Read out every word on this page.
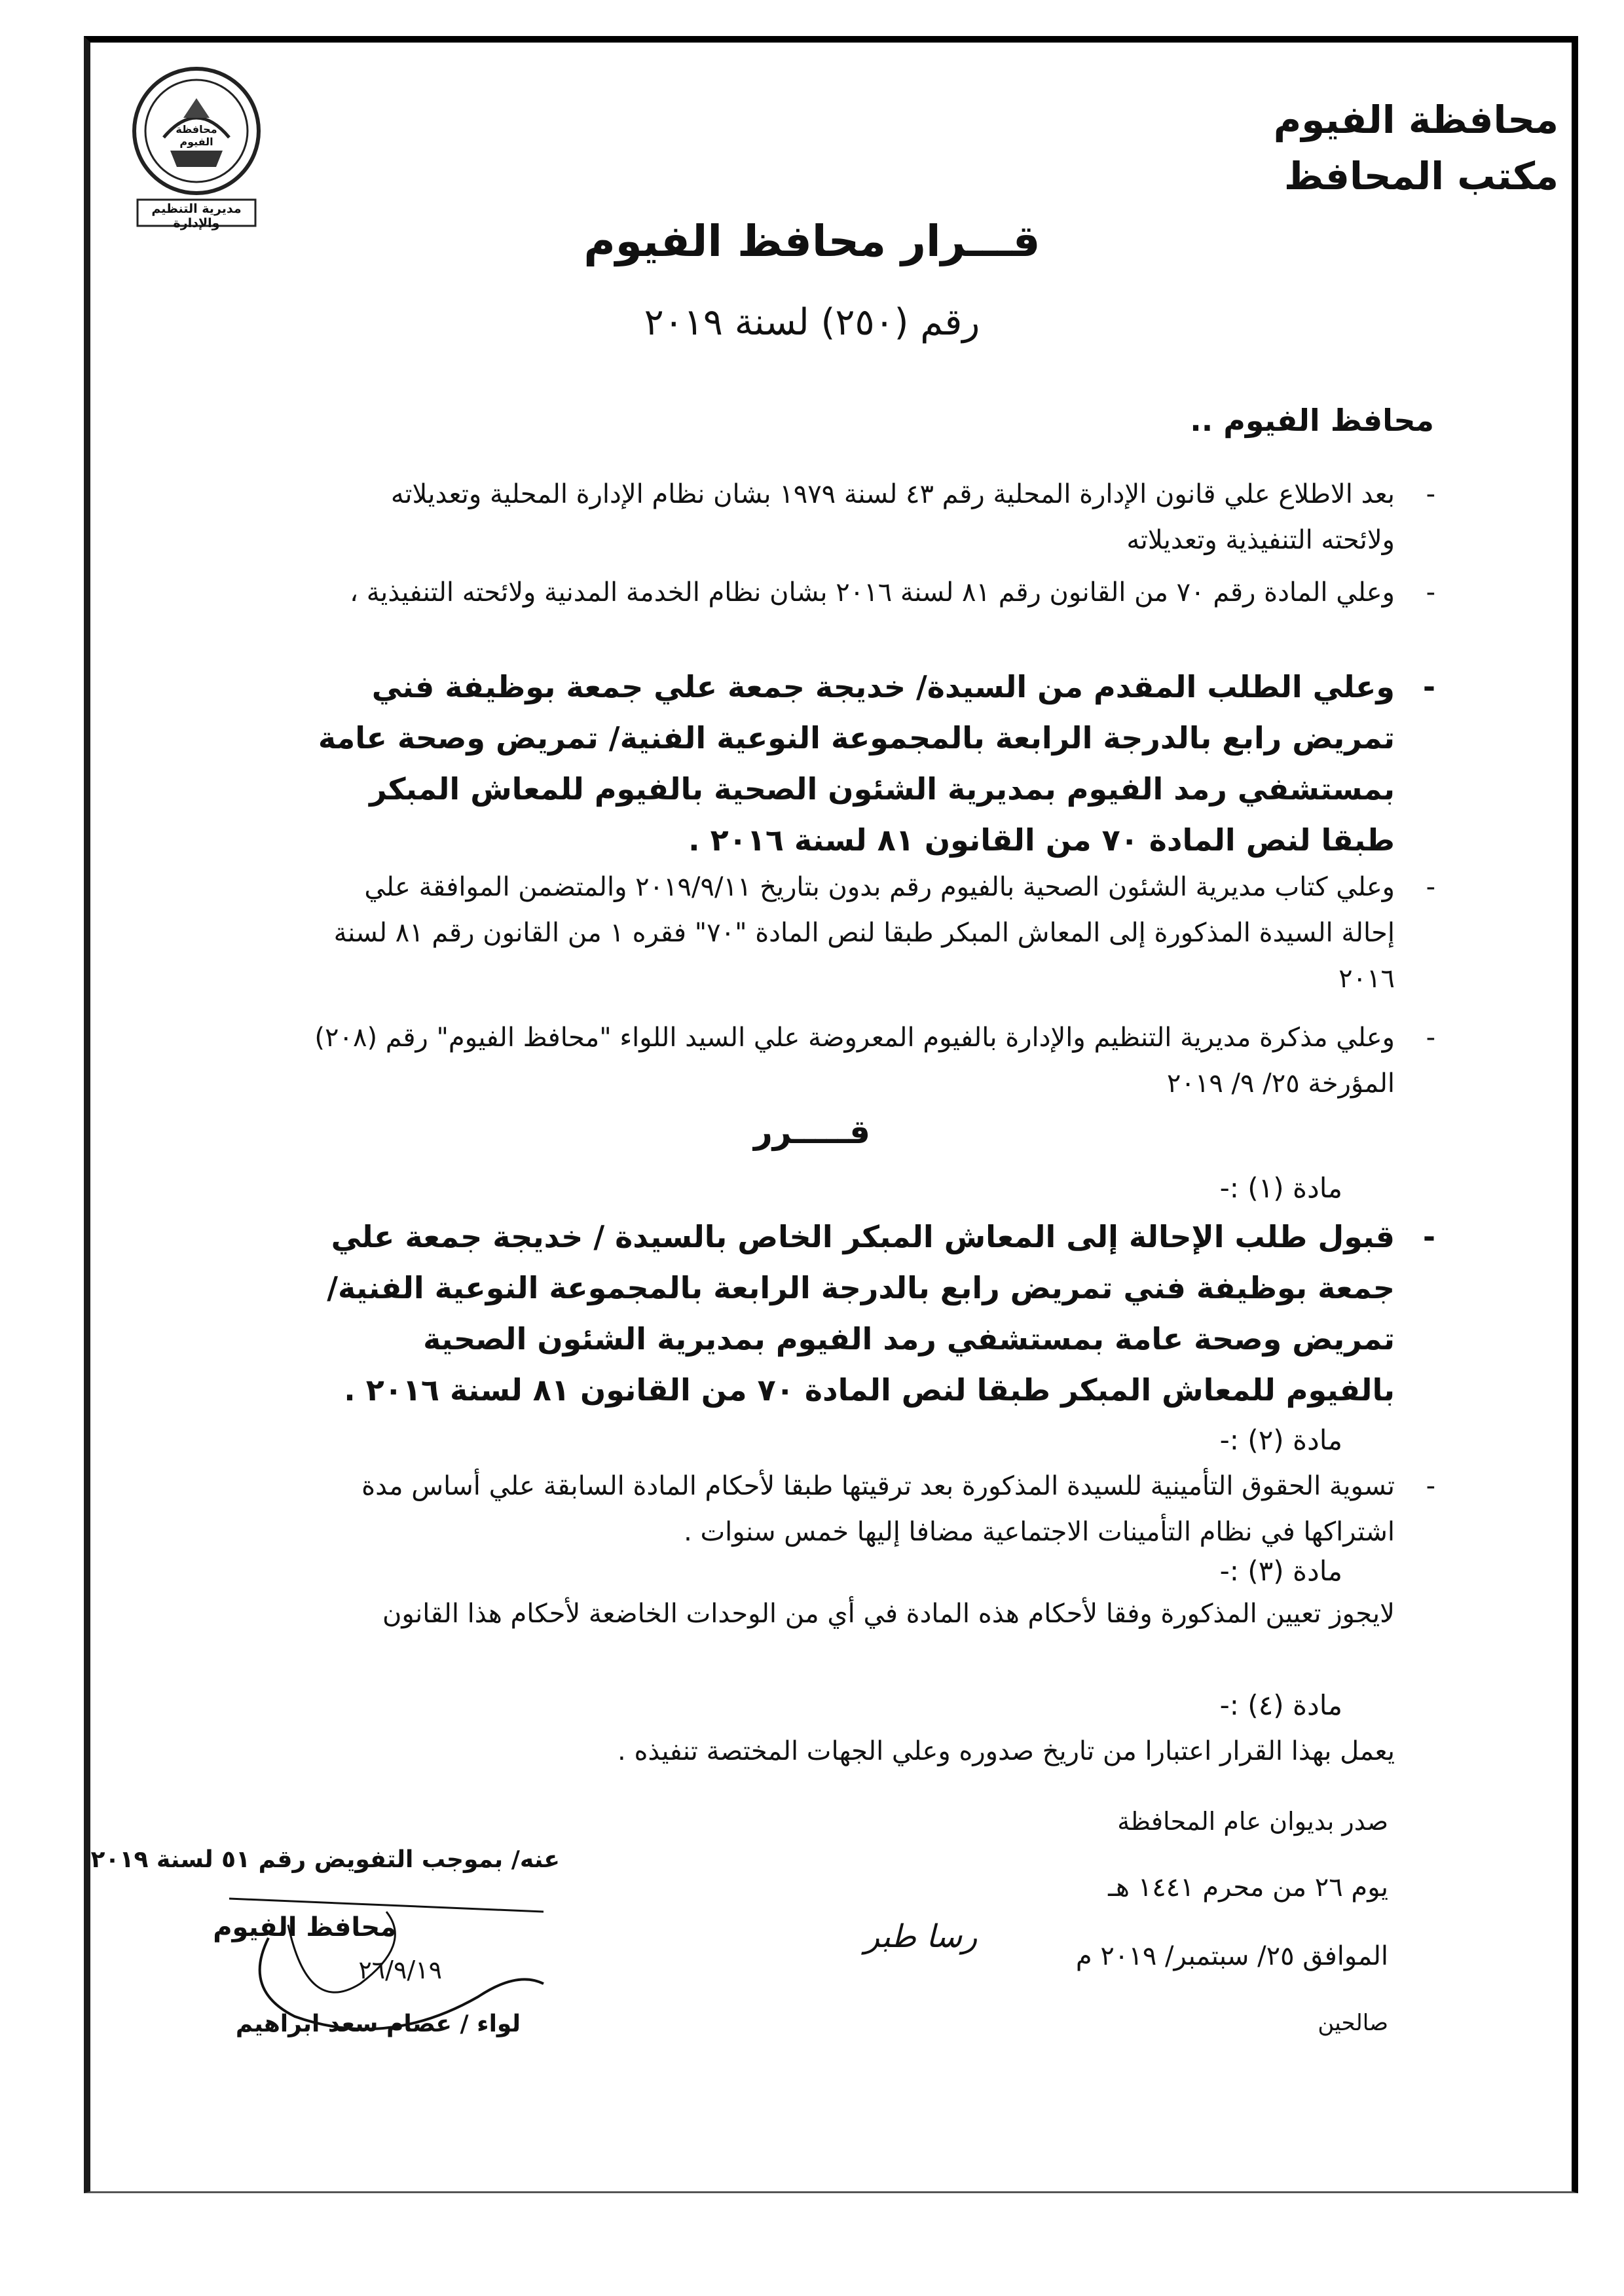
مديرية التنظيم والإدارة
محافظة الفيوم	محافظة الفيوم
مكتب المحافظ
قـــرار محافظ الفيوم
رقم (٢٥٠) لسنة ٢٠١٩
محافظ الفيوم ..
-
بعد الاطلاع علي قانون الإدارة المحلية رقم ٤٣ لسنة ١٩٧٩ بشان نظام الإدارة المحلية وتعديلاته ولائحته التنفيذية وتعديلاته
-
وعلي المادة رقم ٧٠ من القانون رقم ٨١ لسنة ٢٠١٦ بشان نظام الخدمة المدنية ولائحته التنفيذية ،
-
وعلي الطلب المقدم من السيدة/ خديجة جمعة علي جمعة بوظيفة فني تمريض رابع بالدرجة الرابعة بالمجموعة النوعية الفنية/ تمريض وصحة عامة بمستشفي رمد الفيوم بمديرية الشئون الصحية بالفيوم للمعاش المبكر طبقا لنص المادة ٧٠ من القانون ٨١ لسنة ٢٠١٦ .
-
وعلي كتاب مديرية الشئون الصحية بالفيوم رقم بدون بتاريخ ٢٠١٩/٩/١١ والمتضمن الموافقة علي إحالة السيدة المذكورة إلى المعاش المبكر طبقا لنص المادة "٧٠" فقره ١ من القانون رقم ٨١ لسنة ٢٠١٦
-
وعلي مذكرة مديرية التنظيم والإدارة بالفيوم المعروضة علي السيد اللواء "محافظ الفيوم" رقم (٢٠٨) المؤرخة ٢٥/ ٩/ ٢٠١٩
قـــــرر
مادة (١) :-
-
قبول طلب الإحالة إلى المعاش المبكر الخاص بالسيدة / خديجة جمعة علي جمعة بوظيفة فني تمريض رابع بالدرجة الرابعة بالمجموعة النوعية الفنية/ تمريض وصحة عامة بمستشفي رمد الفيوم بمديرية الشئون الصحية بالفيوم للمعاش المبكر طبقا لنص المادة ٧٠ من القانون ٨١ لسنة ٢٠١٦ .
مادة (٢) :-
-
تسوية الحقوق التأمينية للسيدة المذكورة بعد ترقيتها طبقا لأحكام المادة السابقة علي أساس مدة اشتراكها في نظام التأمينات الاجتماعية مضافا إليها خمس سنوات .
مادة (٣) :-
لايجوز تعيين المذكورة وفقا لأحكام هذه المادة في أي من الوحدات الخاضعة لأحكام هذا القانون
مادة (٤) :-
يعمل بهذا القرار اعتبارا من تاريخ صدوره وعلي الجهات المختصة تنفيذه .
صدر بديوان عام المحافظة
يوم ٢٦ من محرم ١٤٤١ هـ
الموافق ٢٥/ سبتمبر/ ٢٠١٩ م
صالحين
رسا طبر
عنه/ بموجب التفويض رقم ٥١ لسنة ٢٠١٩
محافظ الفيوم
٢٦/٩/١٩
لواء / عصام سعد ابراهيم
